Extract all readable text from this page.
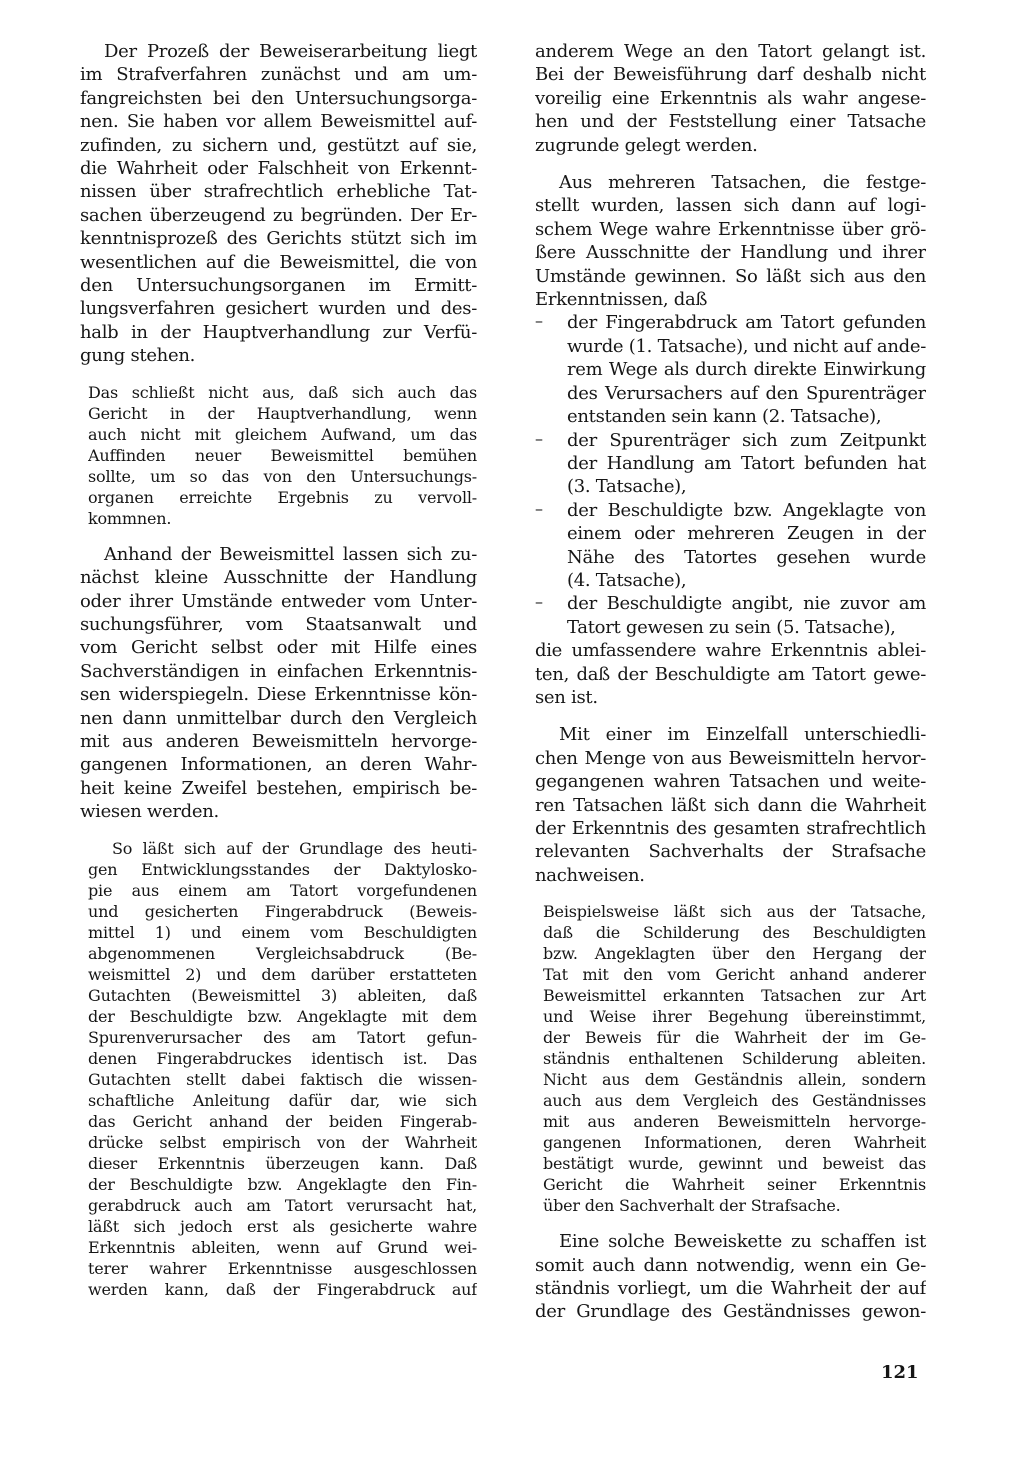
Der Prozeß der Beweiserarbeitung liegt
im Strafverfahren zunächst und am um-
fangreichsten bei den Untersuchungsorga-
nen. Sie haben vor allem Beweismittel auf-
zufinden, zu sichern und, gestützt auf sie,
die Wahrheit oder Falschheit von Erkennt-
nissen über strafrechtlich erhebliche Tat-
sachen überzeugend zu begründen. Der Er-
kenntnisprozeß des Gerichts stützt sich im
wesentlichen auf die Beweismittel, die von
den Untersuchungsorganen im Ermitt-
lungsverfahren gesichert wurden und des-
halb in der Hauptverhandlung zur Verfü-
gung stehen.
Das schließt nicht aus, daß sich auch das
Gericht in der Hauptverhandlung, wenn
auch nicht mit gleichem Aufwand, um das
Auffinden neuer Beweismittel bemühen
sollte, um so das von den Untersuchungs-
organen erreichte Ergebnis zu vervoll-
kommnen.
Anhand der Beweismittel lassen sich zu-
nächst kleine Ausschnitte der Handlung
oder ihrer Umstände entweder vom Unter-
suchungsführer, vom Staatsanwalt und
vom Gericht selbst oder mit Hilfe eines
Sachverständigen in einfachen Erkenntnis-
sen widerspiegeln. Diese Erkenntnisse kön-
nen dann unmittelbar durch den Vergleich
mit aus anderen Beweismitteln hervorge-
gangenen Informationen, an deren Wahr-
heit keine Zweifel bestehen, empirisch be-
wiesen werden.
So läßt sich auf der Grundlage des heuti-
gen Entwicklungsstandes der Daktylosko-
pie aus einem am Tatort vorgefundenen
und gesicherten Fingerabdruck (Beweis-
mittel 1) und einem vom Beschuldigten
abgenommenen Vergleichsabdruck (Be-
weismittel 2) und dem darüber erstatteten
Gutachten (Beweismittel 3) ableiten, daß
der Beschuldigte bzw. Angeklagte mit dem
Spurenverursacher des am Tatort gefun-
denen Fingerabdruckes identisch ist. Das
Gutachten stellt dabei faktisch die wissen-
schaftliche Anleitung dafür dar, wie sich
das Gericht anhand der beiden Fingerab-
drücke selbst empirisch von der Wahrheit
dieser Erkenntnis überzeugen kann. Daß
der Beschuldigte bzw. Angeklagte den Fin-
gerabdruck auch am Tatort verursacht hat,
läßt sich jedoch erst als gesicherte wahre
Erkenntnis ableiten, wenn auf Grund wei-
terer wahrer Erkenntnisse ausgeschlossen
werden kann, daß der Fingerabdruck auf
anderem Wege an den Tatort gelangt ist.
Bei der Beweisführung darf deshalb nicht
voreilig eine Erkenntnis als wahr angese-
hen und der Feststellung einer Tatsache
zugrunde gelegt werden.
Aus mehreren Tatsachen, die festge-
stellt wurden, lassen sich dann auf logi-
schem Wege wahre Erkenntnisse über grö-
ßere Ausschnitte der Handlung und ihrer
Umstände gewinnen. So läßt sich aus den
Erkenntnissen, daß
– der Fingerabdruck am Tatort gefunden
wurde (1. Tatsache), und nicht auf ande-
rem Wege als durch direkte Einwirkung
des Verursachers auf den Spurenträger
entstanden sein kann (2. Tatsache),
– der Spurenträger sich zum Zeitpunkt
der Handlung am Tatort befunden hat
(3. Tatsache),
– der Beschuldigte bzw. Angeklagte von
einem oder mehreren Zeugen in der
Nähe des Tatortes gesehen wurde
(4. Tatsache),
– der Beschuldigte angibt, nie zuvor am
Tatort gewesen zu sein (5. Tatsache),
die umfassendere wahre Erkenntnis ablei-
ten, daß der Beschuldigte am Tatort gewe-
sen ist.
Mit einer im Einzelfall unterschiedli-
chen Menge von aus Beweismitteln hervor-
gegangenen wahren Tatsachen und weite-
ren Tatsachen läßt sich dann die Wahrheit
der Erkenntnis des gesamten strafrechtlich
relevanten Sachverhalts der Strafsache
nachweisen.
Beispielsweise läßt sich aus der Tatsache,
daß die Schilderung des Beschuldigten
bzw. Angeklagten über den Hergang der
Tat mit den vom Gericht anhand anderer
Beweismittel erkannten Tatsachen zur Art
und Weise ihrer Begehung übereinstimmt,
der Beweis für die Wahrheit der im Ge-
ständnis enthaltenen Schilderung ableiten.
Nicht aus dem Geständnis allein, sondern
auch aus dem Vergleich des Geständnisses
mit aus anderen Beweismitteln hervorge-
gangenen Informationen, deren Wahrheit
bestätigt wurde, gewinnt und beweist das
Gericht die Wahrheit seiner Erkenntnis
über den Sachverhalt der Strafsache.
Eine solche Beweiskette zu schaffen ist
somit auch dann notwendig, wenn ein Ge-
ständnis vorliegt, um die Wahrheit der auf
der Grundlage des Geständnisses gewon-
121
